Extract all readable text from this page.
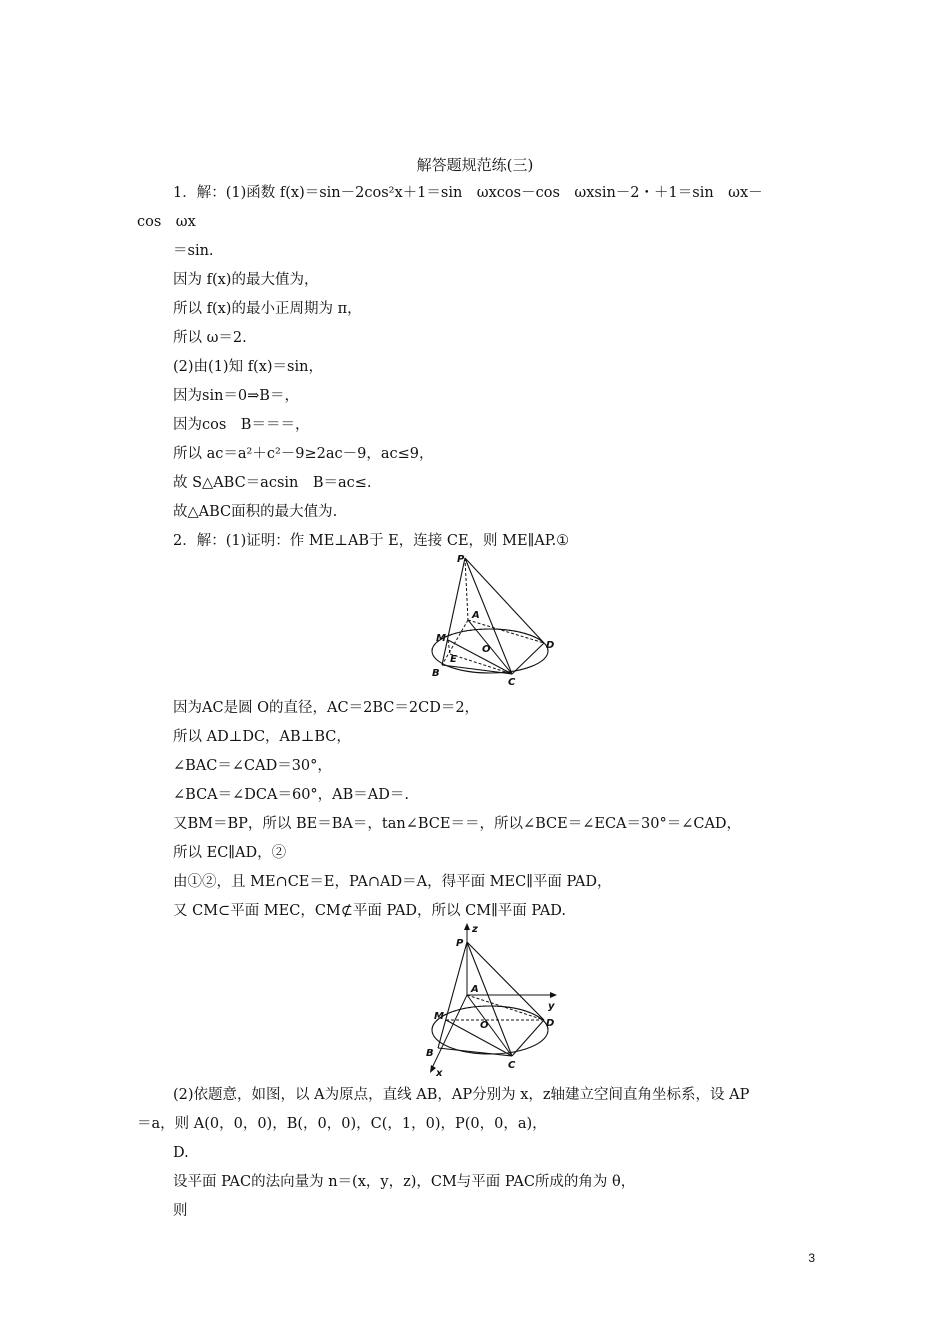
解答题规范练(三)
1．解：(1)函数 f(x)＝sin－2cos²x＋1＝sin　ωxcos－cos　ωxsin－2・＋1＝sin　ωx－
cos　ωx
＝sin.
因为 f(x)的最大值为，
所以 f(x)的最小正周期为 π，
所以 ω＝2.
(2)由(1)知 f(x)＝sin，
因为sin＝0⇒B＝，
因为cos　B＝＝＝，
所以 ac＝a²＋c²－9≥2ac－9，ac≤9，
故 S△ABC＝acsin　B＝ac≤.
故△ABC面积的最大值为.
2．解：(1)证明：作 ME⊥AB于 E，连接 CE，则 ME∥AP.①
P
A
M
O	D
E
B
C
因为AC是圆 O的直径，AC＝2BC＝2CD＝2，
所以 AD⊥DC，AB⊥BC，
∠BAC＝∠CAD＝30°，
∠BCA＝∠DCA＝60°，AB＝AD＝.
又BM＝BP，所以 BE＝BA＝，tan∠BCE＝＝，所以∠BCE＝∠ECA＝30°＝∠CAD，
所以 EC∥AD，②
由①②，且 ME∩CE＝E，PA∩AD＝A，得平面 MEC∥平面 PAD，
又 CM⊂平面 MEC，CM⊄平面 PAD，所以 CM∥平面 PAD.
z
P
A
y
M
O	D
B
x
C
(2)依题意，如图，以 A为原点，直线 AB，AP分别为 x，z轴建立空间直角坐标系，设 AP
＝a，则 A(0，0，0)，B(，0，0)，C(，1，0)，P(0，0，a)，
D.
设平面 PAC的法向量为 n＝(x，y，z)，CM与平面 PAC所成的角为 θ，
则
3
